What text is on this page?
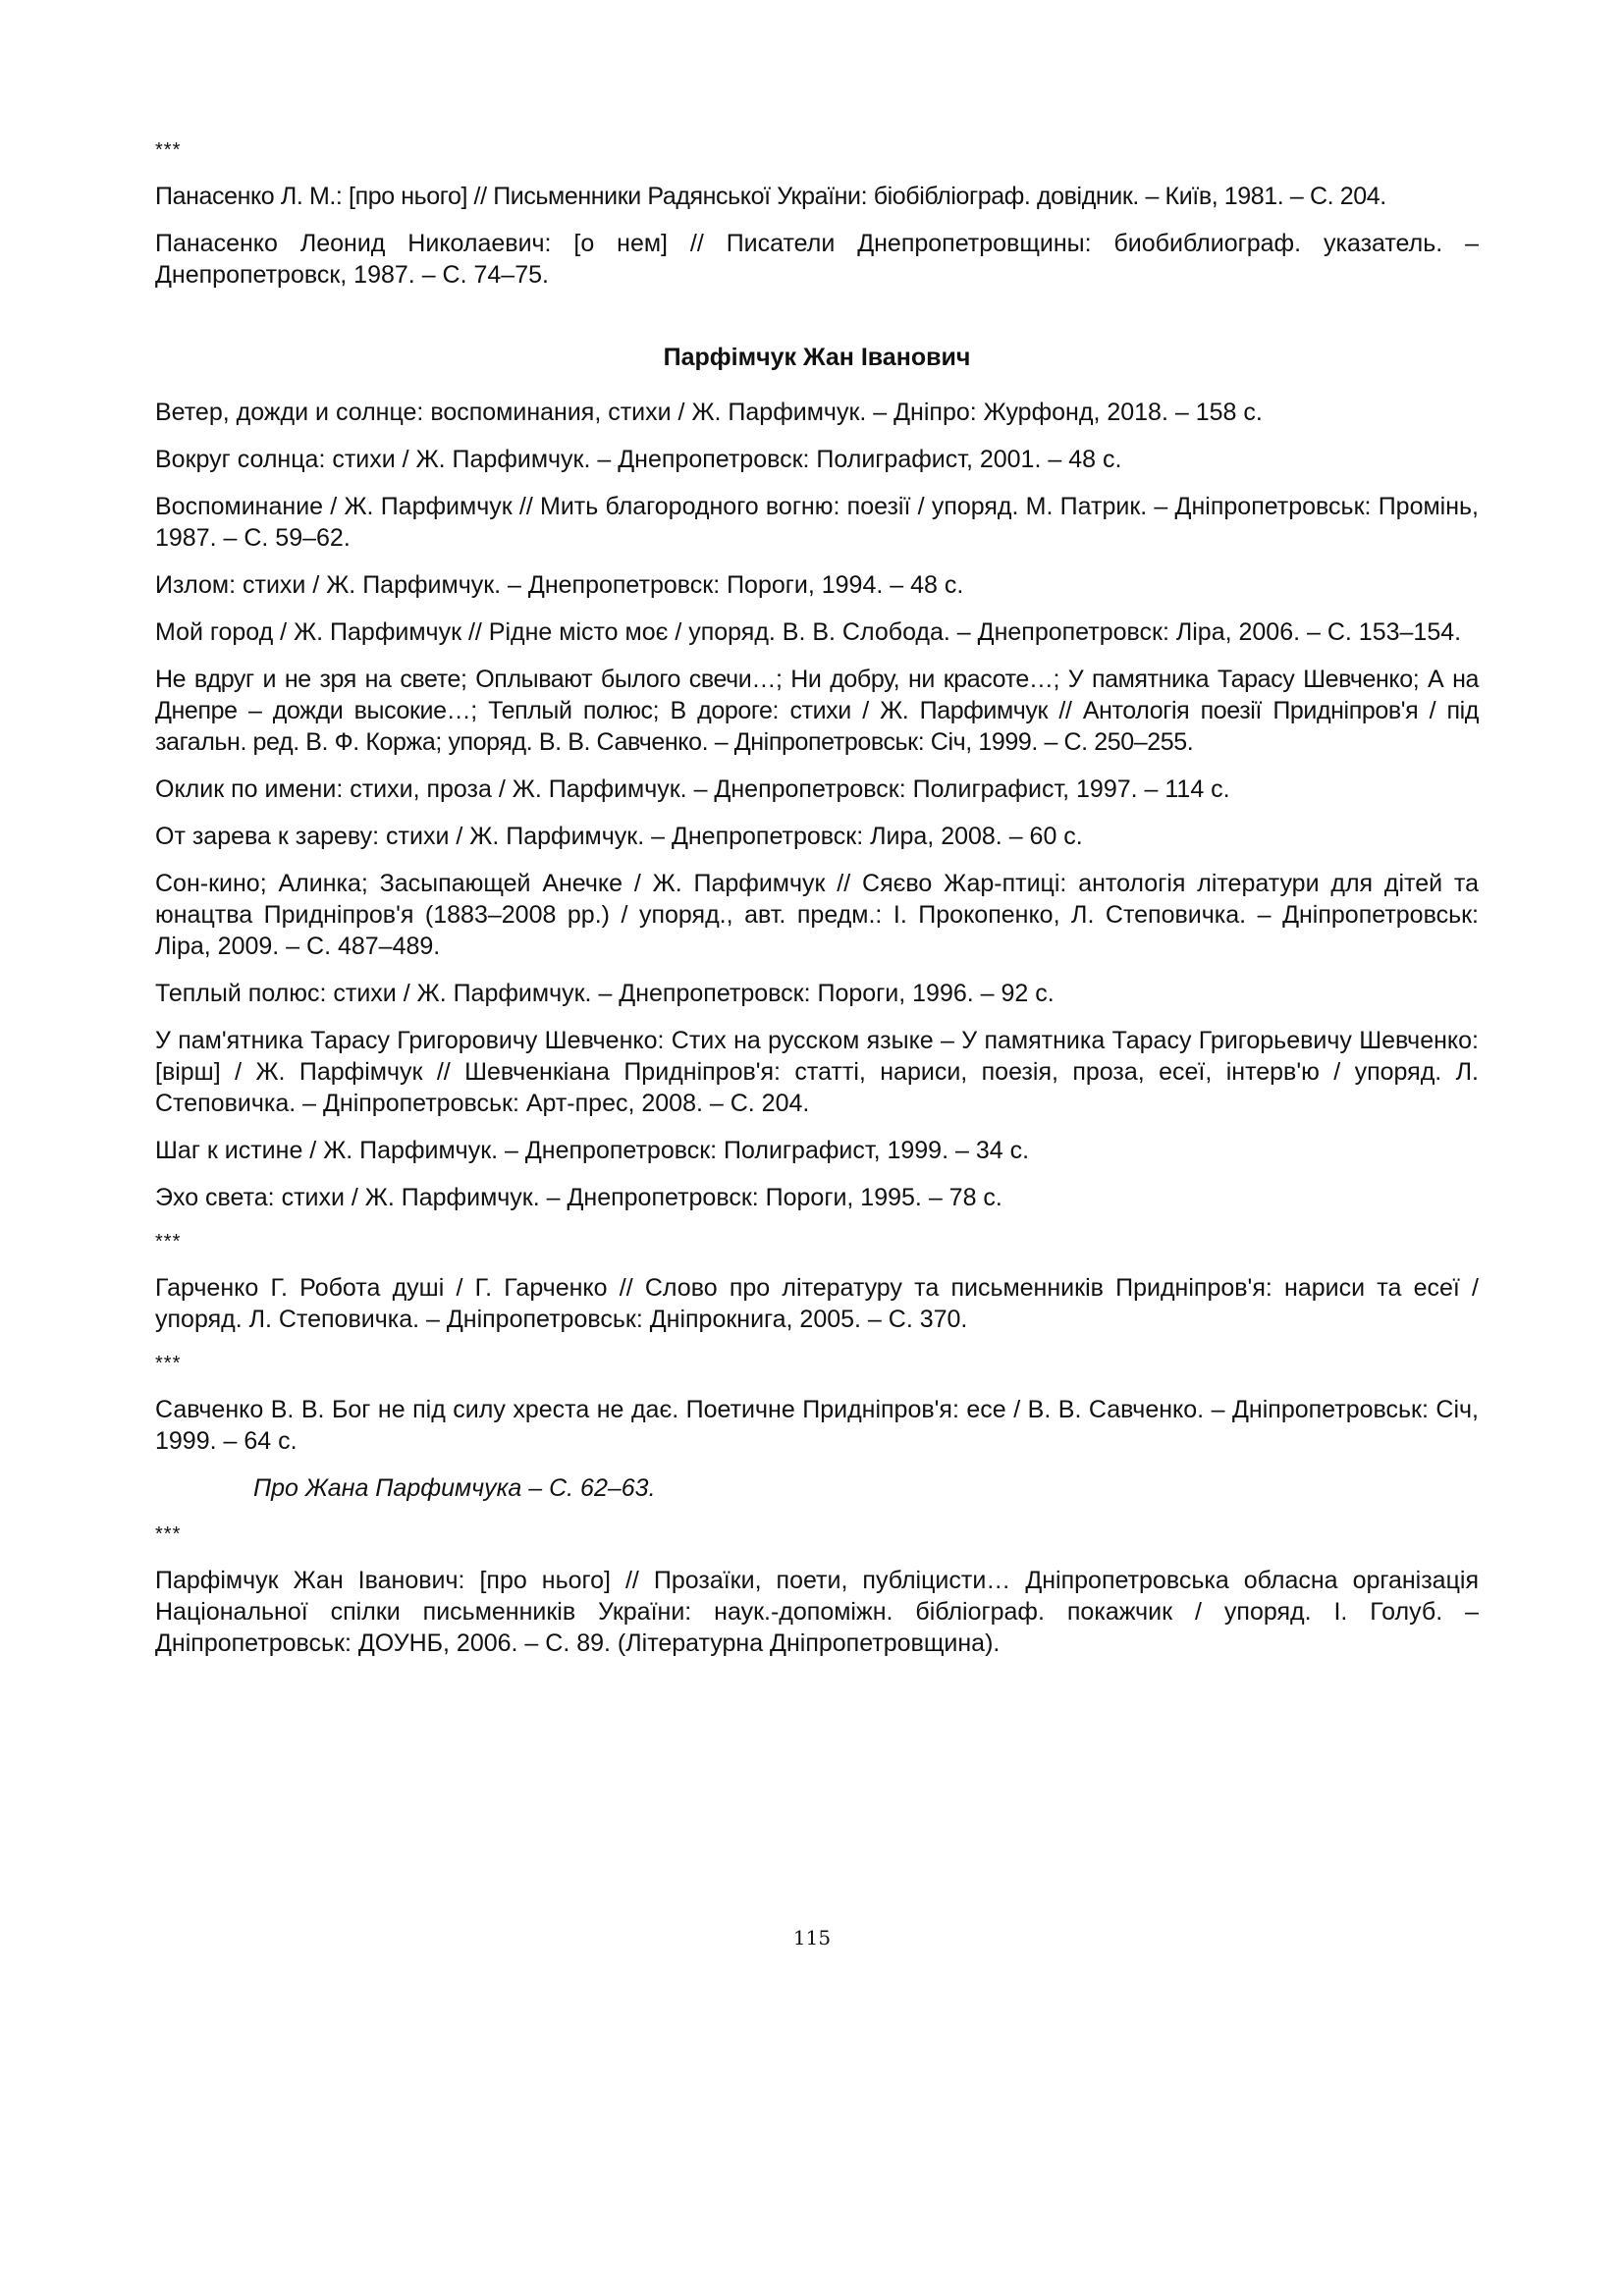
***
Панасенко Л. М.: [про нього] // Письменники Радянської України: біобібліограф. довідник. – Київ, 1981. – С. 204.
Панасенко Леонид Николаевич: [о нем] // Писатели Днепропетровщины: биобиблиограф. указатель. – Днепропетровск, 1987. – С. 74–75.
Парфімчук Жан Іванович
Ветер, дожди и солнце: воспоминания, стихи / Ж. Парфимчук. – Дніпро: Журфонд, 2018. – 158 с.
Вокруг солнца: стихи / Ж. Парфимчук. – Днепропетровск: Полиграфист, 2001. – 48 с.
Воспоминание / Ж. Парфимчук // Мить благородного вогню: поезії / упоряд. М. Патрик. – Дніпропетровськ: Промінь, 1987. – С. 59–62.
Излом: стихи / Ж. Парфимчук. – Днепропетровск: Пороги, 1994. – 48 с.
Мой город / Ж. Парфимчук // Рідне місто моє / упоряд. В. В. Слобода. – Днепропетровск: Ліра, 2006. – С. 153–154.
Не вдруг и не зря на свете; Оплывают былого свечи…; Ни добру, ни красоте…; У памятника Тарасу Шевченко; А на Днепре – дожди высокие…; Теплый полюс; В дороге: стихи / Ж. Парфимчук // Антологія поезії Придніпров'я / під загальн. ред. В. Ф. Коржа; упоряд. В. В. Савченко. – Дніпропетровськ: Січ, 1999. – С. 250–255.
Оклик по имени: стихи, проза / Ж. Парфимчук. – Днепропетровск: Полиграфист, 1997. – 114 с.
От зарева к зареву: стихи / Ж. Парфимчук. – Днепропетровск: Лира, 2008. – 60 с.
Сон-кино; Алинка; Засыпающей Анечке / Ж. Парфимчук // Сяєво Жар-птиці: антологія літератури для дітей та юнацтва Придніпров'я (1883–2008 рр.) / упоряд., авт. предм.: І. Прокопенко, Л. Степовичка. – Дніпропетровськ: Ліра, 2009. – С. 487–489.
Теплый полюс: стихи / Ж. Парфимчук. – Днепропетровск: Пороги, 1996. – 92 с.
У пам'ятника Тарасу Григоровичу Шевченко: Стих на русском языке – У памятника Тарасу Григорьевичу Шевченко: [вірш] / Ж. Парфімчук // Шевченкіана Придніпров'я: статті, нариси, поезія, проза, есеї, інтерв'ю / упоряд. Л. Степовичка. – Дніпропетровськ: Арт-прес, 2008. – С. 204.
Шаг к истине / Ж. Парфимчук. – Днепропетровск: Полиграфист, 1999. – 34 с.
Эхо света: стихи / Ж. Парфимчук. – Днепропетровск: Пороги, 1995. – 78 с.
***
Гарченко Г. Робота душі / Г. Гарченко // Слово про літературу та письменників Придніпров'я: нариси та есеї / упоряд. Л. Степовичка. – Дніпропетровськ: Дніпрокнига, 2005. – С. 370.
***
Савченко В. В. Бог не під силу хреста не дає. Поетичне Придніпров'я: есе / В. В. Савченко. – Дніпропетровськ: Січ, 1999. – 64 с.
Про Жана Парфимчука – С. 62–63.
***
Парфімчук Жан Іванович: [про нього] // Прозаїки, поети, публіцисти… Дніпропетровська обласна організація Національної спілки письменників України: наук.-допоміжн. бібліограф. покажчик / упоряд. І. Голуб. – Дніпропетровськ: ДОУНБ, 2006. – С. 89. (Літературна Дніпропетровщина).
115
